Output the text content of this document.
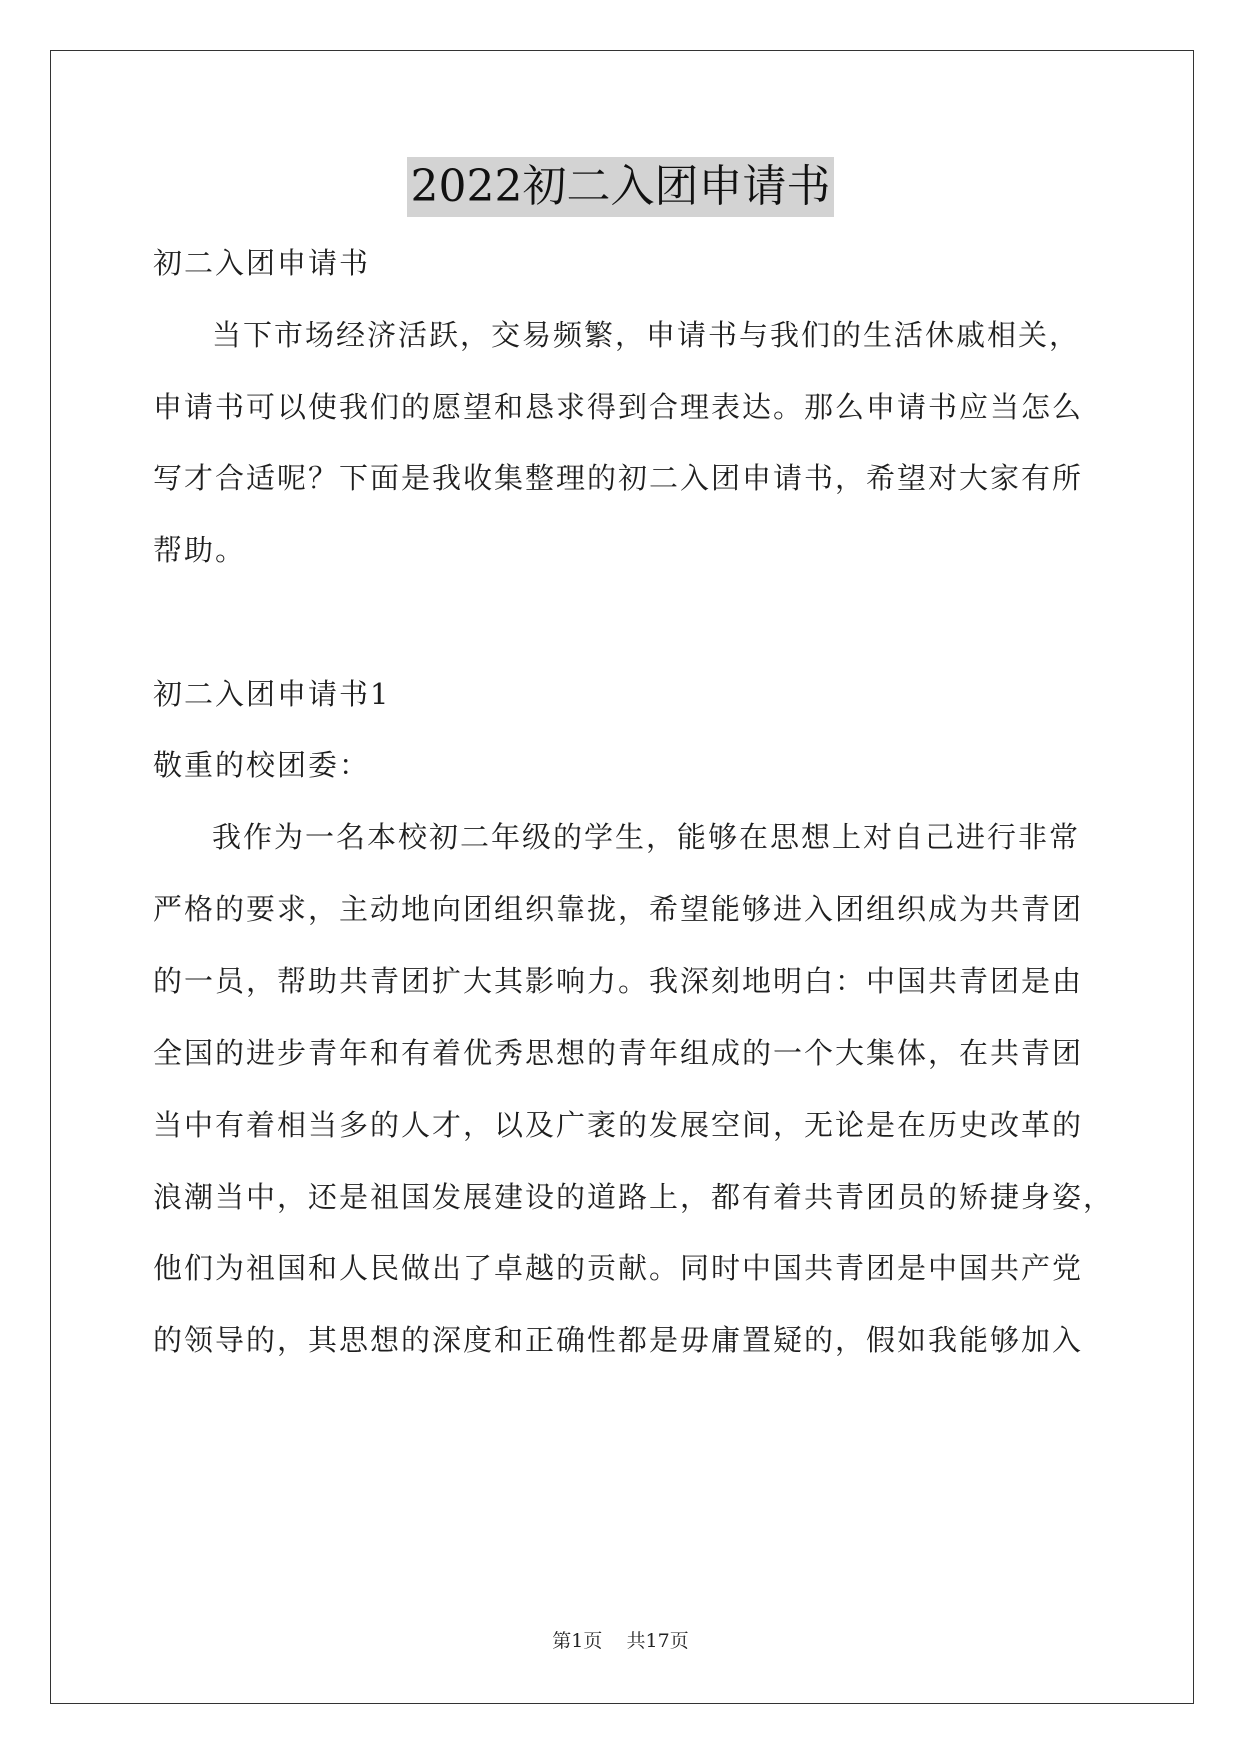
2022初二入团申请书
初二入团申请书
当下市场经济活跃，交易频繁，申请书与我们的生活休戚相关，
申请书可以使我们的愿望和恳求得到合理表达。那么申请书应当怎么
写才合适呢？下面是我收集整理的初二入团申请书，希望对大家有所
帮助。
初二入团申请书1
敬重的校团委：
我作为一名本校初二年级的学生，能够在思想上对自己进行非常
严格的要求，主动地向团组织靠拢，希望能够进入团组织成为共青团
的一员，帮助共青团扩大其影响力。我深刻地明白：中国共青团是由
全国的进步青年和有着优秀思想的青年组成的一个大集体，在共青团
当中有着相当多的人才，以及广袤的发展空间，无论是在历史改革的
浪潮当中，还是祖国发展建设的道路上，都有着共青团员的矫捷身姿，
他们为祖国和人民做出了卓越的贡献。同时中国共青团是中国共产党
的领导的，其思想的深度和正确性都是毋庸置疑的，假如我能够加入
第1页 共17页
